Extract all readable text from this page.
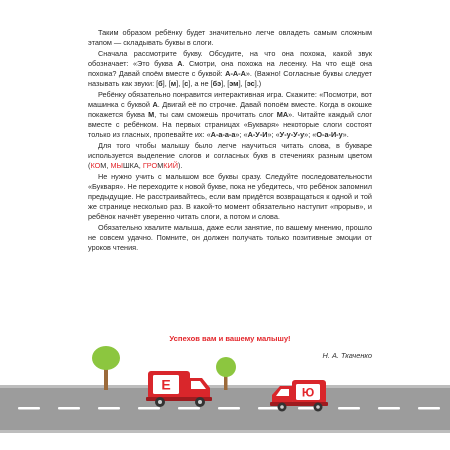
Таким образом ребёнку будет значительно легче овладеть самым сложным этапом — складывать буквы в слоги.

Сначала рассмотрите букву. Обсудите, на что она похожа, какой звук обозначает: «Это буква А. Смотри, она похожа на лесенку. На что ещё она похожа? Давай споём вместе с буквой: А-А-А». (Важно! Согласные буквы следует называть как звуки: [б], [м], [с], а не [бэ], [эм], [эс].)

Ребёнку обязательно понравится интерактивная игра. Скажите: «Посмотри, вот машинка с буквой А. Двигай её по строчке. Давай попоём вместе. Когда в окошке покажется буква М, ты сам сможешь прочитать слог МА». Читайте каждый слог вместе с ребёнком. На первых страницах «Букваря» некоторые слоги состоят только из гласных, пропевайте их: «А-а-а-а»; «А-У-И»; «У-у-У-у»; «О-а-И-у».

Для того чтобы малышу было легче научиться читать слова, в букваре используется выделение слогов и согласных букв в стечениях разным цветом (КОМ, МЫШКА, ГРОМКИЙ).

Не нужно учить с малышом все буквы сразу. Следуйте последовательности «Букваря». Не переходите к новой букве, пока не убедитесь, что ребёнок запомнил предыдущие. Не расстраивайтесь, если вам придётся возвращаться к одной и той же странице несколько раз. В какой-то момент обязательно наступит «прорыв», и ребёнок начнёт уверенно читать слоги, а потом и слова.

Обязательно хвалите малыша, даже если занятие, по вашему мнению, прошло не совсем удачно. Помните, он должен получать только позитивные эмоции от уроков чтения.

Успехов вам и вашему малышу!
Н. А. Ткаченко
Е	Ю
